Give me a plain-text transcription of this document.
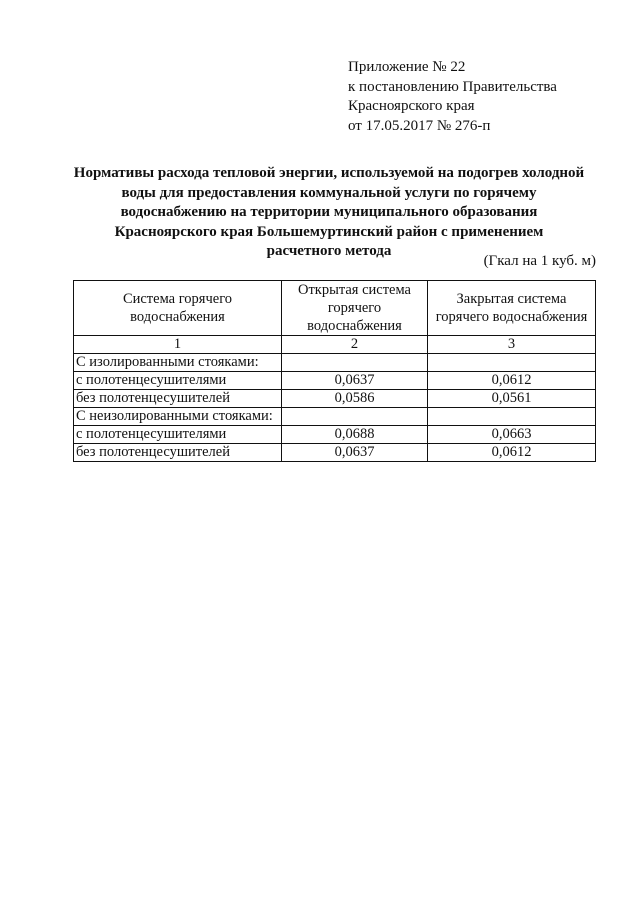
Приложение № 22
к постановлению Правительства
Красноярского края
от 17.05.2017 № 276-п
Нормативы расхода тепловой энергии, используемой на подогрев холодной
воды для предоставления коммунальной услуги по горячему
водоснабжению на территории муниципального образования
Красноярского края Большемуртинский район с применением
расчетного метода
(Гкал на 1 куб. м)
Система горячего водоснабжения	Открытая система горячего водоснабжения	Закрытая система горячего водоснабжения
1	2	3
С изолированными стояками:		
с полотенцесушителями	0,0637	0,0612
без полотенцесушителей	0,0586	0,0561
С неизолированными стояками:		
с полотенцесушителями	0,0688	0,0663
без полотенцесушителей	0,0637	0,0612
